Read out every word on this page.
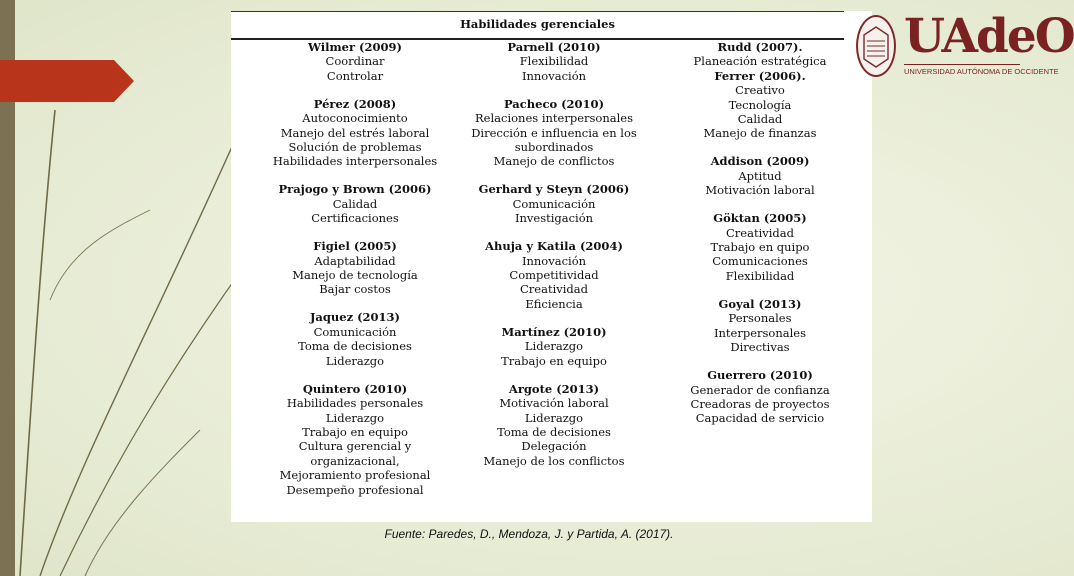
Habilidades gerenciales
Wilmer (2009)
Coordinar
Controlar
Pérez (2008)
Autoconocimiento
Manejo del estrés laboral
Solución de problemas
Habilidades interpersonales
Prajogo y Brown (2006)
Calidad
Certificaciones
Figiel (2005)
Adaptabilidad
Manejo de tecnología
Bajar costos
Jaquez (2013)
Comunicación
Toma de decisiones
Liderazgo
Quintero (2010)
Habilidades personales
Liderazgo
Trabajo en equipo
Cultura gerencial y
organizacional,
Mejoramiento profesional
Desempeño profesional
Parnell (2010)
Flexibilidad
Innovación
Pacheco (2010)
Relaciones interpersonales
Dirección e influencia en los
subordinados
Manejo de conflictos
Gerhard y Steyn (2006)
Comunicación
Investigación
Ahuja y Katila (2004)
Innovación
Competitividad
Creatividad
Eficiencia
Martínez (2010)
Liderazgo
Trabajo en equipo
Argote (2013)
Motivación laboral
Liderazgo
Toma de decisiones
Delegación
Manejo de los conflictos
Rudd (2007).
Planeación estratégica
Ferrer (2006).
Creativo
Tecnología
Calidad
Manejo de finanzas
Addison (2009)
Aptitud
Motivación laboral
Göktan (2005)
Creatividad
Trabajo en quipo
Comunicaciones
Flexibilidad
Goyal (2013)
Personales
Interpersonales
Directivas
Guerrero (2010)
Generador de confianza
Creadoras de proyectos
Capacidad de servicio
UAdeO
UNIVERSIDAD AUTÓNOMA DE OCCIDENTE
Fuente: Paredes, D., Mendoza, J. y Partida, A. (2017).
